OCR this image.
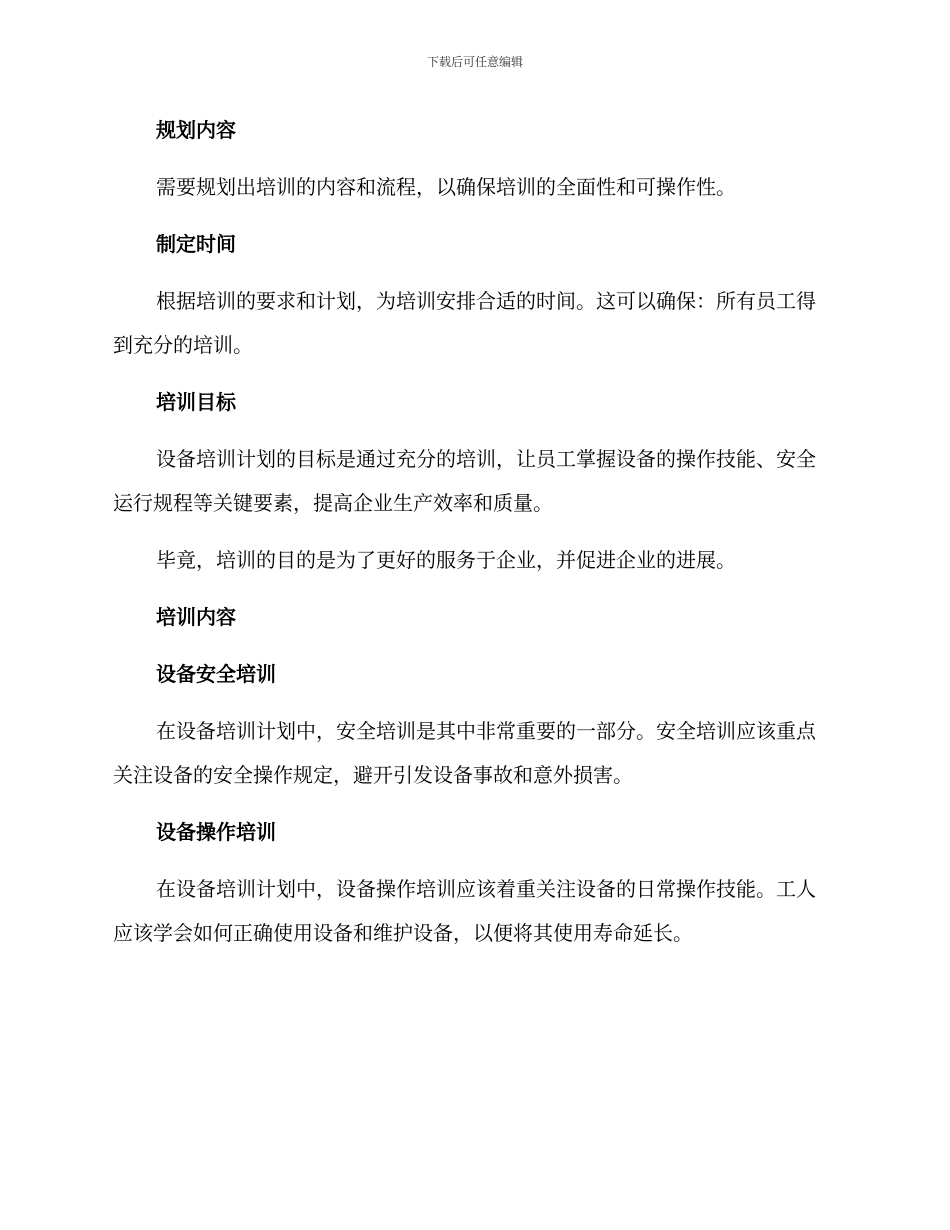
下载后可任意编辑
规划内容
需要规划出培训的内容和流程，以确保培训的全面性和可操作性。
制定时间
根据培训的要求和计划，为培训安排合适的时间。这可以确保：所有员工得到充分的培训。
培训目标
设备培训计划的目标是通过充分的培训，让员工掌握设备的操作技能、安全运行规程等关键要素，提高企业生产效率和质量。
毕竟，培训的目的是为了更好的服务于企业，并促进企业的进展。
培训内容
设备安全培训
在设备培训计划中，安全培训是其中非常重要的一部分。安全培训应该重点关注设备的安全操作规定，避开引发设备事故和意外损害。
设备操作培训
在设备培训计划中，设备操作培训应该着重关注设备的日常操作技能。工人应该学会如何正确使用设备和维护设备，以便将其使用寿命延长。
